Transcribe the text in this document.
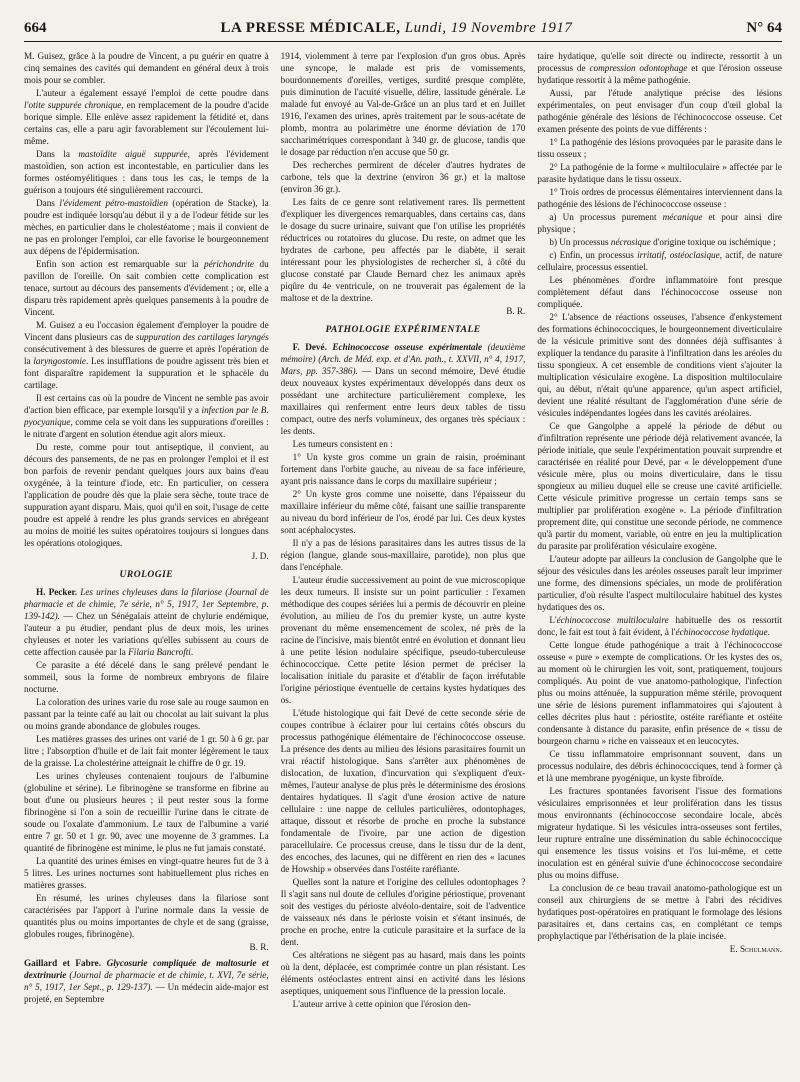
664	LA PRESSE MÉDICALE, Lundi, 19 Novembre 1917	N° 64

M. Guisez, grâce à la poudre de Vincent, a pu guérir en quatre à cinq semaines des cavités qui demandent en général deux à trois mois pour se combler.

L'auteur a également essayé l'emploi de cette poudre dans l'otite suppurée chronique, en remplacement de la poudre d'acide borique simple. Elle enlève assez rapidement la fétidité et, dans certains cas, elle a paru agir favorablement sur l'écoulement lui-même.

Dans la mastoïdite aiguë suppurée, après l'évidement mastoïdien, son action est incontestable, en particulier dans les formes ostéomyélitiques : dans tous les cas, le temps de la guérison a toujours été singulièrement raccourci.

Dans l'évidement pétro-mastoïdien (opération de Stacke), la poudre est indiquée lorsqu'au début il y a de l'odeur fétide sur les mèches, en particulier dans le cholestéatome ; mais il convient de ne pas en prolonger l'emploi, car elle favorise le bourgeonnement aux dépens de l'épidermisation.

Enfin son action est remarquable sur la périchondrite du pavillon de l'oreille. On sait combien cette complication est tenace, surtout au décours des pansements d'évidement ; or, elle a disparu très rapidement après quelques pansements à la poudre de Vincent.

M. Guisez a eu l'occasion également d'employer la poudre de Vincent dans plusieurs cas de suppuration des cartilages laryngés consécutivement à des blessures de guerre et après l'opération de la laryngostomie. Les insufflations de poudre agissent très bien et font disparaître rapidement la suppuration et le sphacèle du cartilage.

Il est certains cas où la poudre de Vincent ne semble pas avoir d'action bien efficace, par exemple lorsqu'il y a infection par le B. pyocyanique, comme cela se voit dans les suppurations d'oreilles : le nitrate d'argent en solution étendue agit alors mieux.

Du reste, comme pour tout antiseptique, il convient, au décours des pansements, de ne pas en prolonger l'emploi et il est bon parfois de revenir pendant quelques jours aux bains d'eau oxygénée, à la teinture d'iode, etc. En particulier, on cessera l'application de poudre dès que la plaie sera sèche, toute trace de suppuration ayant disparu. Mais, quoi qu'il en soit, l'usage de cette poudre est appelé à rendre les plus grands services en abrégeant au moins de moitié les suites opératoires toujours si longues dans les opérations otologiques.

J. D.
UROLOGIE

H. Pecker. Les urines chyleuses dans la filariose (Journal de pharmacie et de chimie, 7e série, n° 5, 1917, 1er Septembre, p. 139-142). — Chez un Sénégalais atteint de chylurie endémique, l'auteur a pu étudier, pendant plus de deux mois, les urines chyleuses et noter les variations qu'elles subissent au cours de cette affection causée par la Filaria Bancrofti.

Ce parasite a été décelé dans le sang prélevé pendant le sommeil, sous la forme de nombreux embryons de filaire nocturne.

La coloration des urines varie du rose sale au rouge saumon en passant par la teinte café au lait ou chocolat au lait suivant la plus ou moins grande abondance de globules rouges.

Les matières grasses des urines ont varié de 1 gr. 50 à 6 gr. par litre ; l'absorption d'huile et de lait fait monter légèrement le taux de la graisse. La cholestérine atteignait le chiffre de 0 gr. 19.

Les urines chyleuses contenaient toujours de l'albumine (globuline et sérine). Le fibrinogène se transforme en fibrine au bout d'une ou plusieurs heures ; il peut rester sous la forme fibrinogène si l'on a soin de recueillir l'urine dans le citrate de soude ou l'oxalate d'ammonium. Le taux de l'albumine a varié entre 7 gr. 50 et 1 gr. 90, avec une moyenne de 3 grammes. La quantité de fibrinogène est minime, le plus ne fut jamais constaté.

La quantité des urines émises en vingt-quatre heures fut de 3 à 5 litres. Les urines nocturnes sont habituellement plus riches en matières grasses.

En résumé, les urines chyleuses dans la filariose sont caractérisées par l'apport à l'urine normale dans la vessie de quantités plus ou moins importantes de chyle et de sang (graisse, globules rouges, fibrinogène).

B. R.

Gaillard et Fabre. Glycosurie compliquée de maltosurie et dextrinurie (Journal de pharmacie et de chimie, t. XVI, 7e série, n° 5, 1917, 1er Sept., p. 129-137). — Un médecin aide-major est projeté, en Septembre

1914, violemment à terre par l'explosion d'un gros obus. Après une syncope, le malade est pris de vomissements, bourdonnements d'oreilles, vertiges, surdité presque complète, puis diminution de l'acuité visuelle, délire, lassitude générale. Le malade fut envoyé au Val-de-Grâce un an plus tard et en Juillet 1916, l'examen des urines, après traitement par le sous-acétate de plomb, montra au polarimètre une énorme déviation de 170 saccharimétriques correspondant à 340 gr. de glucose, tandis que le dosage par réduction n'en accuse que 50 gr.

Des recherches permirent de déceler d'autres hydrates de carbone, tels que la dextrine (environ 36 gr.) et la maltose (environ 36 gr.).

Les faits de ce genre sont relativement rares. Ils permettent d'expliquer les divergences remarquables, dans certains cas, dans le dosage du sucre urinaire, suivant que l'on utilise les propriétés réductrices ou rotatoires du glucose. Du reste, on admet que les hydrates de carbone, peu affectés par le diabète, il serait intéressant pour les physiologistes de rechercher si, à côté du glucose constaté par Claude Bernard chez les animaux après piqûre du 4e ventricule, on ne trouverait pas également de la maltose et de la dextrine.

B. R.
PATHOLOGIE EXPÉRIMENTALE

F. Devé. Echinococcose osseuse expérimentale (deuxième mémoire) (Arch. de Méd. exp. et d'An. path., t. XXVII, n° 4, 1917, Mars, pp. 357-386). — Dans un second mémoire, Devé étudie deux nouveaux kystes expérimentaux développés dans deux os possédant une architecture particulièrement complexe, les maxillaires qui renferment entre leurs deux tables de tissu compact, outre des nerfs volumineux, des organes très spéciaux : les dents.

Les tumeurs consistent en :

1° Un kyste gros comme un grain de raisin, proéminant fortement dans l'orbite gauche, au niveau de sa face inférieure, ayant pris naissance dans le corps du maxillaire supérieur ;

2° Un kyste gros comme une noisette, dans l'épaisseur du maxillaire inférieur du même côté, faisant une saillie transparente au niveau du bord inférieur de l'os, érodé par lui. Ces deux kystes sont acéphalocystes.

Il n'y a pas de lésions parasitaires dans les autres tissus de la région (langue, glande sous-maxillaire, parotide), non plus que dans l'encéphale.

L'auteur étudie successivement au point de vue microscopique les deux tumeurs. Il insiste sur un point particulier : l'examen méthodique des coupes sériées lui a permis de découvrir en pleine évolution, au milieu de l'os du premier kyste, un autre kyste provenant du même ensemencement de scolex, né près de la racine de l'incisive, mais bientôt entré en évolution et donnant lieu à une petite lésion nodulaire spécifique, pseudo-tuberculeuse échinococcique. Cette petite lésion permet de préciser la localisation initiale du parasite et d'établir de façon irréfutable l'origine périostique éventuelle de certains kystes hydatiques des os.

L'étude histologique qui fait Devé de cette seconde série de coupes contribue à éclairer pour lui certains côtés obscurs du processus pathogénique élémentaire de l'échinococcose osseuse. La présence des dents au milieu des lésions parasitaires fournit un vrai réactif histologique. Sans s'arrêter aux phénomènes de dislocation, de luxation, d'incurvation qui s'expliquent d'eux-mêmes, l'auteur analyse de plus près le déterminisme des érosions dentaires hydatiques. Il s'agit d'une érosion active de nature cellulaire : une nappe de cellules particulières, odontophages, attaque, dissout et résorbe de proche en proche la substance fondamentale de l'ivoire, par une action de digestion paracellulaire. Ce processus creuse, dans le tissu dur de la dent, des encoches, des lacunes, qui ne diffèrent en rien des « lacunes de Howship » observées dans l'ostéite raréfiante.

Quelles sont la nature et l'origine des cellules odontophages ? Il s'agit sans nul doute de cellules d'origine périostique, provenant soit des vestiges du périoste alvéolo-dentaire, soit de l'adventice de vaisseaux nés dans le périoste voisin et s'étant insinués, de proche en proche, entre la cuticule parasitaire et la surface de la dent.

Ces altérations ne siègent pas au hasard, mais dans les points où la dent, déplacée, est comprimée contre un plan résistant. Les éléments ostéoclastes entrent ainsi en activité dans les lésions aseptiques, uniquement sous l'influence de la pression locale.

L'auteur arrive à cette opinion que l'érosion den-

taire hydatique, qu'elle soit directe ou indirecte, ressortit à un processus de compression odontophage et que l'érosion osseuse hydatique ressortit à la même pathogénie.

Aussi, par l'étude analytique précise des lésions expérimentales, on peut envisager d'un coup d'œil global la pathogénie générale des lésions de l'échinococcose osseuse. Cet examen présente des points de vue différents :

1° La pathogénie des lésions provoquées par le parasite dans le tissu osseux ;

2° La pathogénie de la forme « multiloculaire » affectée par le parasite hydatique dans le tissu osseux.

1° Trois ordres de processus élémentaires interviennent dans la pathogénie des lésions de l'échinococcose osseuse :

a) Un processus purement mécanique et pour ainsi dire physique ;

b) Un processus nécrosique d'origine toxique ou ischémique ;

c) Enfin, un processus irritatif, ostéoclasique, actif, de nature cellulaire, processus essentiel.

Les phénomènes d'ordre inflammatoire font presque complètement défaut dans l'échinococcose osseuse non compliquée.

2° L'absence de réactions osseuses, l'absence d'enkystement des formations échinococciques, le bourgeonnement diverticulaire de la vésicule primitive sont des données déjà suffisantes à expliquer la tendance du parasite à l'infiltration dans les aréoles du tissu spongieux. A cet ensemble de conditions vient s'ajouter la multiplication vésiculaire exogène. La disposition multiloculaire qui, au début, n'était qu'une apparence, qu'un aspect artificiel, devient une réalité résultant de l'agglomération d'une série de vésicules indépendantes logées dans les cavités aréolaires.

Ce que Gangolphe a appelé la période de début ou d'infiltration représente une période déjà relativement avancée, la période initiale, que seule l'expérimentation pouvait surprendre et caractérisée en réalité pour Devé, par « le développement d'une vésicule mère, plus ou moins diverticulaire, dans le tissu spongieux au milieu duquel elle se creuse une cavité artificielle. Cette vésicule primitive progresse un certain temps sans se multiplier par prolifération exogène ». La période d'infiltration proprement dite, qui constitue une seconde période, ne commence qu'à partir du moment, variable, où entre en jeu la multiplication du parasite par prolifération vésiculaire exogène.

L'auteur adopte par ailleurs la conclusion de Gangolphe que le séjour des vésicules dans les aréoles osseuses paraît leur imprimer une forme, des dimensions spéciales, un mode de prolifération particulier, d'où résulte l'aspect multiloculaire habituel des kystes hydatiques des os.

L'échinococcose multiloculaire habituelle des os ressortit donc, le fait est tout à fait évident, à l'échinococcose hydatique.

Cette longue étude pathogénique a trait à l'échinococcose osseuse « pure » exempte de complications. Or les kystes des os, au moment où le chirurgien les voit, sont, pratiquement, toujours compliqués. Au point de vue anatomo-pathologique, l'infection plus ou moins atténuée, la suppuration même stérile, provoquent une série de lésions purement inflammatoires qui s'ajoutent à celles décrites plus haut : périostite, ostéite raréfiante et ostéite condensante à distance du parasite, enfin présence de « tissu de bourgeon charnu » riche en vaisseaux et en leucocytes.

Ce tissu inflammatoire emprisonnant souvent, dans un processus nodulaire, des débris échinococciques, tend à former çà et là une membrane pyogénique, un kyste fibroïde.

Les fractures spontanées favorisent l'issue des formations vésiculaires emprisonnées et leur prolifération dans les tissus mous environnants (échinococcose secondaire locale, abcès migrateur hydatique. Si les vésicules intra-osseuses sont fertiles, leur rupture entraîne une dissémination du sable échinococcique qui ensemence les tissus voisins et l'os lui-même, et cette inoculation est en général suivie d'une échinococcose secondaire plus ou moins diffuse.

La conclusion de ce beau travail anatomo-pathologique est un conseil aux chirurgiens de se mettre à l'abri des récidives hydatiques post-opératoires en pratiquant le formolage des lésions parasitaires et, dans certains cas, en complétant ce temps prophylactique par l'éthérisation de la plaie incisée.

E. Schulmann.
